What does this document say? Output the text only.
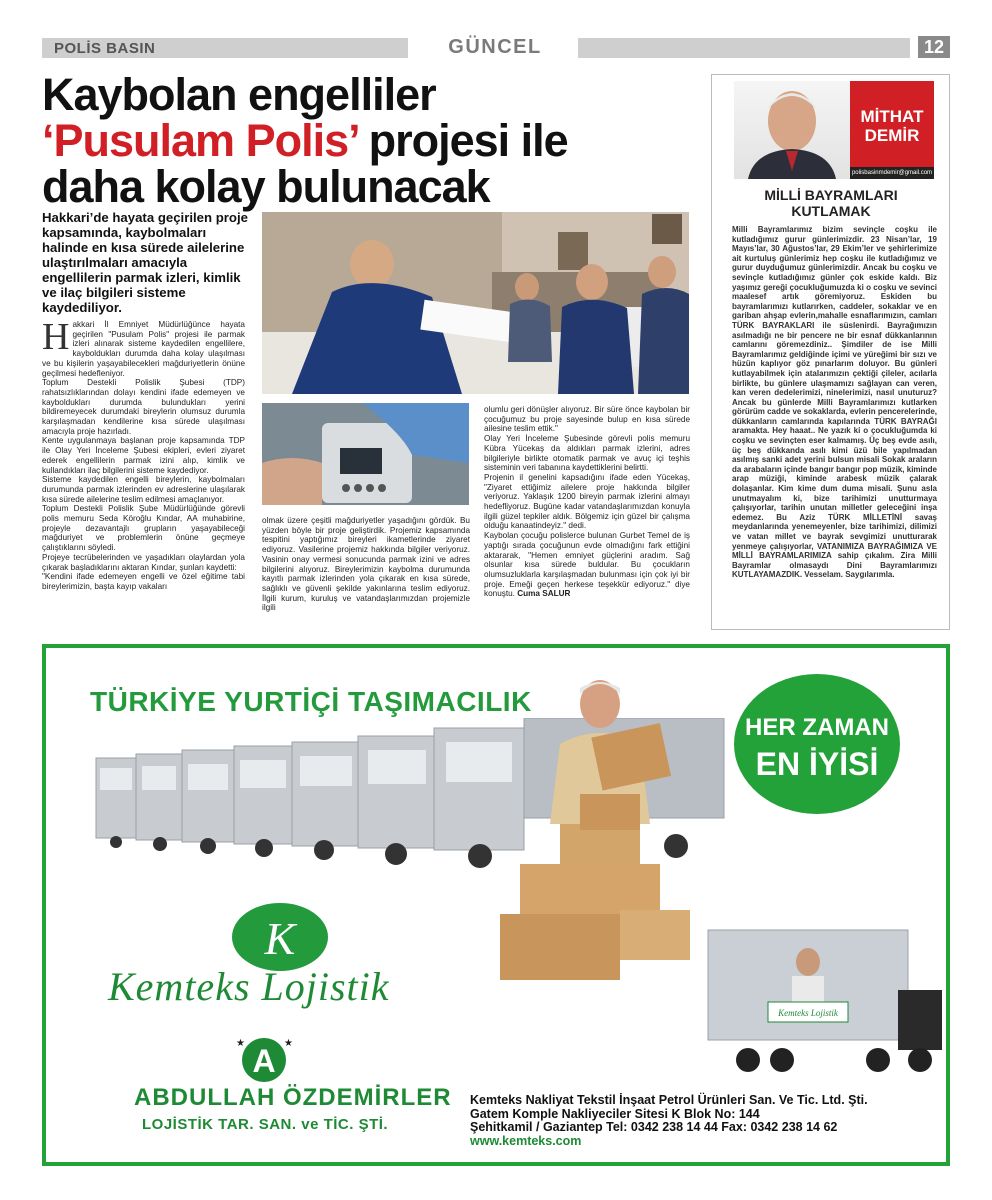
POLİS BASIN	GÜNCEL	12
Kaybolan engelliler
‘Pusulam Polis’ projesi ile
daha kolay bulunacak
Hakkari’de hayata geçirilen proje kapsamında, kaybolmaları halinde en kısa sürede ailelerine ulaştırılmaları amacıyla engellilerin parmak izleri, kimlik ve ilaç bilgileri sisteme kaydediliyor.

Hakkari İl Emniyet Müdürlüğünce hayata geçirilen "Pusulam Polis" projesi ile parmak izleri alınarak sisteme kaydedilen engellilere, kayboldukları durumda daha kolay ulaşılması ve bu kişilerin yaşayabilecekleri mağduriyetlerin önüne geçilmesi hedefleniyor.

Toplum Destekli Polislik Şubesi (TDP) rahatsızlıklarından dolayı kendini ifade edemeyen ve kayboldukları durumda bulundukları yerini bildiremeyecek durumdaki bireylerin olumsuz durumla karşılaşmadan kendilerine kısa sürede ulaşılması amacıyla proje hazırladı.

Kente uygulanmaya başlanan proje kapsamında TDP ile Olay Yeri İnceleme Şubesi ekipleri, evleri ziyaret ederek engellilerin parmak izini alıp, kimlik ve kullandıkları ilaç bilgilerini sisteme kaydediyor.

Sisteme kaydedilen engelli bireylerin, kaybolmaları durumunda parmak izlerinden ev adreslerine ulaşılarak kısa sürede ailelerine teslim edilmesi amaçlanıyor.

Toplum Destekli Polislik Şube Müdürlüğünde görevli polis memuru Seda Köroğlu Kındar, AA muhabirine, projeyle dezavantajlı grupların yaşayabileceği mağduriyet ve problemlerin önüne geçmeye çalıştıklarını söyledi.

Projeye tecrübelerinden ve yaşadıkları olaylardan yola çıkarak başladıklarını aktaran Kındar, şunları kaydetti:

"Kendini ifade edemeyen engelli ve özel eğitime tabi bireylerimizin, başta kayıp vakaları

olmak üzere çeşitli mağduriyetler yaşadığını gördük. Bu yüzden böyle bir proje geliştirdik. Projemiz kapsamında tespitini yaptığımız bireyleri ikametlerinde ziyaret ediyoruz. Vasilerine projemiz hakkında bilgiler veriyoruz. Vasinin onay vermesi sonucunda parmak izini ve adres bilgilerini alıyoruz. Bireylerimizin kaybolma durumunda kayıtlı parmak izlerinden yola çıkarak en kısa sürede, sağlıklı ve güvenli şekilde yakınlarına teslim ediyoruz. İlgili kurum, kuruluş ve vatandaşlarımızdan projemizle ilgili

olumlu geri dönüşler alıyoruz. Bir süre önce kaybolan bir çocuğumuz bu proje sayesinde bulup en kısa sürede ailesine teslim ettik."

Olay Yeri İnceleme Şubesinde görevli polis memuru Kübra Yücekaş da aldıkları parmak izlerini, adres bilgileriyle birlikte otomatik parmak ve avuç içi teşhis sisteminin veri tabanına kaydettiklerini belirtti.

Projenin il genelini kapsadığını ifade eden Yücekaş, "Ziyaret ettiğimiz ailelere proje hakkında bilgiler veriyoruz. Yaklaşık 1200 bireyin parmak izlerini almayı hedefliyoruz. Bugüne kadar vatandaşlarımızdan konuyla ilgili güzel tepkiler aldık. Bölgemiz için güzel bir çalışma olduğu kanaatindeyiz." dedi.

Kaybolan çocuğu polislerce bulunan Gurbet Temel de iş yaptığı sırada çocuğunun evde olmadığını fark ettiğini aktararak, "Hemen emniyet güçlerini aradım. Sağ olsunlar kısa sürede buldular. Bu çocukların olumsuzluklarla karşılaşmadan bulunması için çok iyi bir proje. Emeği geçen herkese teşekkür ediyoruz." diye konuştu. Cuma SALUR

MİTHAT
DEMİR
polisbasinmdemir@gmail.com
MİLLİ BAYRAMLARI KUTLAMAK
Milli Bayramlarımız bizim sevinçle coşku ile kutladığımız gurur günlerimizdir. 23 Nisan’lar, 19 Mayıs’lar, 30 Ağustos’lar, 29 Ekim’ler ve şehirlerimize ait kurtuluş günlerimiz hep coşku ile kutladığımız ve gurur duyduğumuz günlerimizdir. Ancak bu coşku ve sevinçle kutladığımız günler çok eskide kaldı. Biz yaşımız gereği çocukluğumuzda ki o coşku ve sevinci maalesef artık göremiyoruz. Eskiden bu bayramlarımızı kutlarırken, caddeler, sokaklar ve en gariban ahşap evlerin,mahalle esnaflarımızın, camları TÜRK BAYRAKLARI ile süslenirdi. Bayrağımızın asılmadığı ne bir pencere ne bir esnaf dükkanlarının camlarını göremezdiniz.. Şimdiler de ise Milli Bayramlarımız geldiğinde içimi ve yüreğimi bir sızı ve hüzün kaplıyor göz pınarlarım doluyor. Bu günleri kutlayabilmek için atalarımızın çektiği çileler, acılarla birlikte, bu günlere ulaşmamızı sağlayan can veren, kan veren dedelerimizi, ninelerimizi, nasıl unuturuz? Ancak bu günlerde Milli Bayramlarımızı kutlarken görürüm cadde ve sokaklarda, evlerin pencerelerinde, dükkanların camlarında kapılarında TÜRK BAYRAĞI aramakta. Hey haaat.. Ne yazık ki o çocukluğumda ki coşku ve sevinçten eser kalmamış. Üç beş evde asılı, üç beş dükkanda asılı kimi üzü bile yapılmadan asılmış sanki adet yerini bulsun misali Sokak araların da arabaların içinde bangır bangır pop müzik, kiminde arap müziği, kiminde arabesk müzik çalarak dolaşanlar. Kim kime dum duma misali. Şunu asla unutmayalım ki, bize tarihimizi unutturmaya çalışıyorlar, tarihin unutan milletler geleceğini inşa edemez. Bu Aziz TÜRK MİLLETİNİ savaş meydanlarında yenemeyenler, bize tarihimizi, dilimizi ve vatan millet ve bayrak sevgimizi unutturarak yenmeye çalışıyorlar, VATANIMIZA BAYRAĞIMIZA VE MİLLİ BAYRAMLARIMIZA sahip çıkalım. Zira Milli Bayramlar olmasaydı Dini Bayramlarımızı KUTLAYAMAZDIK. Vesselam. Saygılarımla.
TÜRKİYE YURTİÇİ TAŞIMACILIK
HER ZAMAN
EN İYİSİ
K
Kemteks Lojistik
A
★	★
ABDULLAH ÖZDEMİRLER
LOJİSTİK TAR. SAN. ve TİC. ŞTİ.
Kemteks Lojistik
Kemteks Nakliyat Tekstil İnşaat Petrol Ürünleri San. Ve Tic. Ltd. Şti.
Gatem Komple Nakliyeciler Sitesi K Blok No: 144
Şehitkamil / Gaziantep Tel: 0342 238 14 44 Fax: 0342 238 14 62
www.kemteks.com
